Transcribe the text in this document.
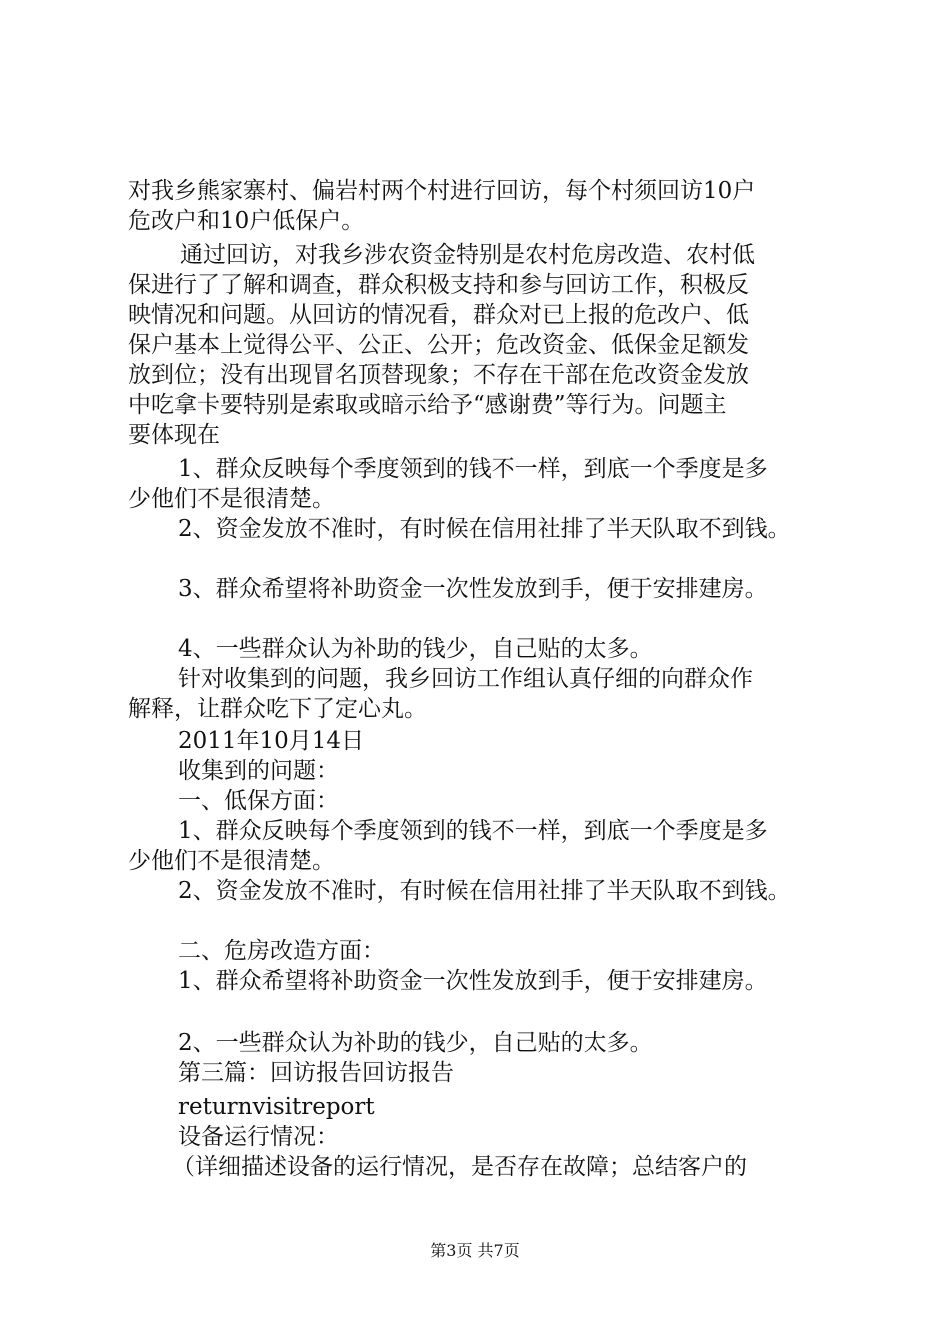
对我乡熊家寨村、偏岩村两个村进行回访，每个村须回访10户
危改户和10户低保户。
通过回访，对我乡涉农资金特别是农村危房改造、农村低
保进行了了解和调查，群众积极支持和参与回访工作，积极反
映情况和问题。从回访的情况看，群众对已上报的危改户、低
保户基本上觉得公平、公正、公开；危改资金、低保金足额发
放到位；没有出现冒名顶替现象；不存在干部在危改资金发放
中吃拿卡要特别是索取或暗示给予“感谢费”等行为。问题主
要体现在
1、群众反映每个季度领到的钱不一样，到底一个季度是多
少他们不是很清楚。
2、资金发放不准时，有时候在信用社排了半天队取不到钱。
3、群众希望将补助资金一次性发放到手，便于安排建房。
4、一些群众认为补助的钱少，自己贴的太多。
针对收集到的问题，我乡回访工作组认真仔细的向群众作
解释，让群众吃下了定心丸。
2011年10月14日
收集到的问题：
一、低保方面：
1、群众反映每个季度领到的钱不一样，到底一个季度是多
少他们不是很清楚。
2、资金发放不准时，有时候在信用社排了半天队取不到钱。
二、危房改造方面：
1、群众希望将补助资金一次性发放到手，便于安排建房。
2、一些群众认为补助的钱少，自己贴的太多。
第三篇：回访报告回访报告
returnvisitreport
设备运行情况：
（详细描述设备的运行情况，是否存在故障；总结客户的
第3页 共7页
